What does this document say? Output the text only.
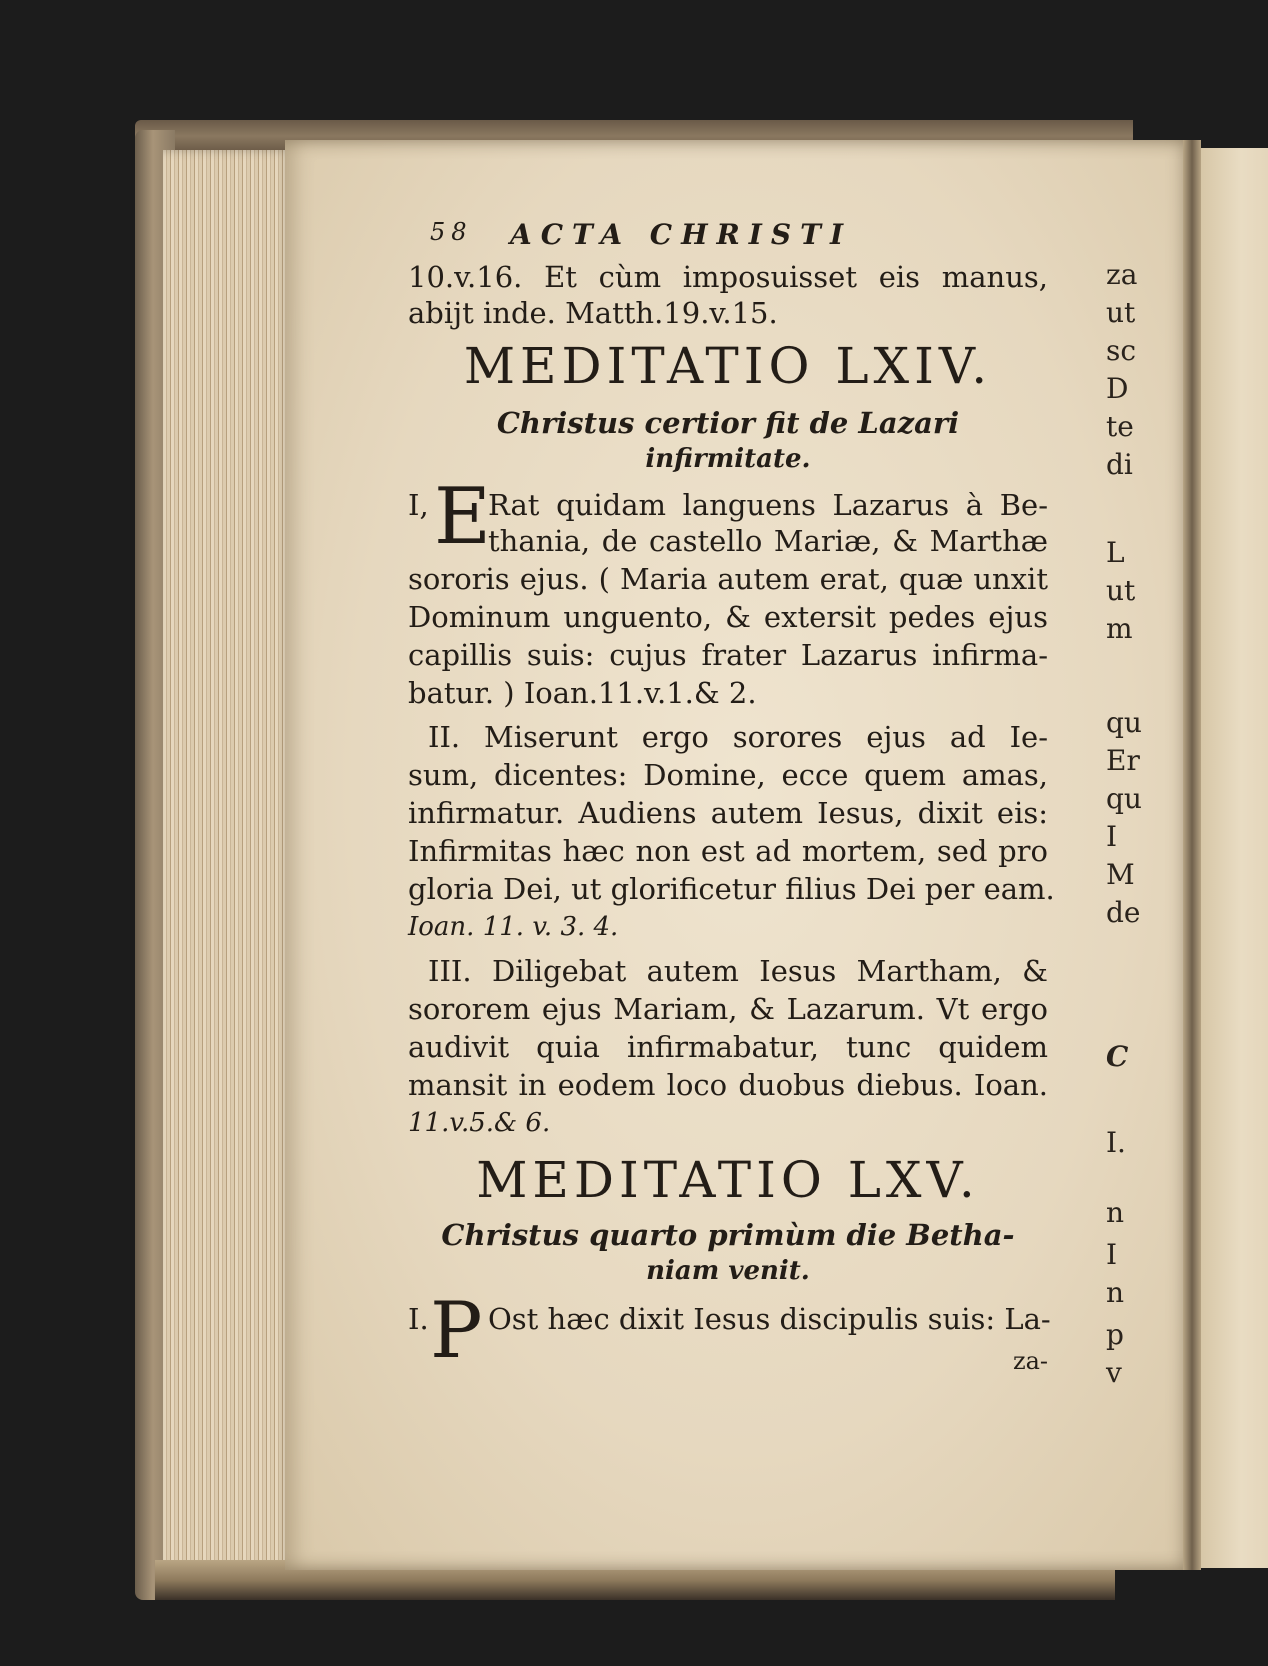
58 ACTA CHRISTI
10.v.16. Et cùm imposuisset eis manus,
abijt inde. Matth.19.v.15.
MEDITATIO LXIV.
Christus certior fit de Lazari
infirmitate.
I, E
Rat quidam languens Lazarus à Be-
thania, de castello Mariæ, & Marthæ
sororis ejus. ( Maria autem erat, quæ unxit
Dominum unguento, & extersit pedes ejus
capillis suis: cujus frater Lazarus infirma-
batur. ) Ioan.11.v.1.& 2.
II. Miserunt ergo sorores ejus ad Ie-
sum, dicentes: Domine, ecce quem amas,
infirmatur. Audiens autem Iesus, dixit eis:
Infirmitas hæc non est ad mortem, sed pro
gloria Dei, ut glorificetur filius Dei per eam.
Ioan. 11. v. 3. 4.
III. Diligebat autem Iesus Martham, &
sororem ejus Mariam, & Lazarum. Vt ergo
audivit quia infirmabatur, tunc quidem
mansit in eodem loco duobus diebus. Ioan.
11.v.5.& 6.
MEDITATIO LXV.
Christus quarto primùm die Betha-
niam venit.
I. P Ost hæc dixit Iesus discipulis suis: La-
za-
za
ut
sc
D
te
di
L
ut
m
qu
Er
qu
I
M
de
C
I.
n
I
n
p
v
